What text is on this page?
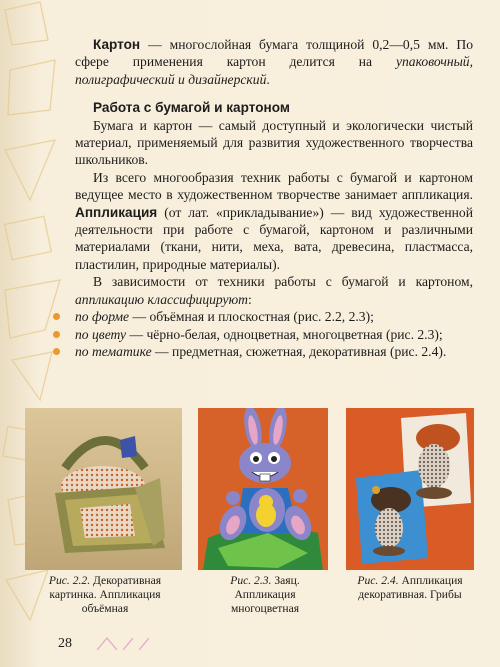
Картон — многослойная бумага толщиной 0,2—0,5 мм. По сфере применения картон делится на упаковочный, полиграфический и дизайнерский.

Работа с бумагой и картоном

Бумага и картон — самый доступный и экологически чистый материал, применяемый для развития художественного творчества школьников.

Из всего многообразия техник работы с бумагой и картоном ведущее место в художественном творчестве занимает аппликация. Аппликация (от лат. «прикладывание») — вид художественной деятельности при работе с бумагой, картоном и различными материалами (ткани, нити, меха, вата, древесина, пластмасса, пластилин, природные материалы).

В зависимости от техники работы с бумагой и картоном, аппликацию классифицируют:

по форме — объёмная и плоскостная (рис. 2.2, 2.3);
по цвету — чёрно-белая, одноцветная, многоцветная (рис. 2.3);
по тематике — предметная, сюжетная, декоративная (рис. 2.4).
Рис. 2.2. Декоративная картинка. Аппликация объёмная
Рис. 2.3. Заяц. Аппликация многоцветная
Рис. 2.4. Аппликация декоративная. Грибы
28
